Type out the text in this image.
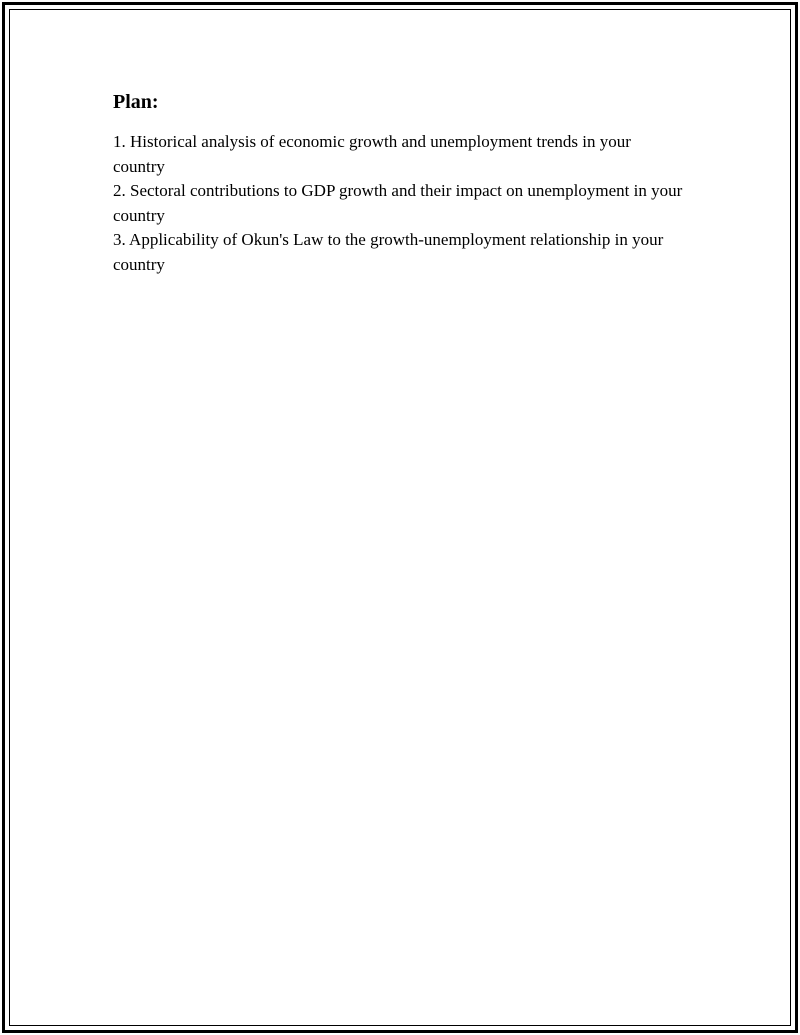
Plan:
1. Historical analysis of economic growth and unemployment trends in your country
2. Sectoral contributions to GDP growth and their impact on unemployment in your country
3. Applicability of Okun's Law to the growth-unemployment relationship in your country
